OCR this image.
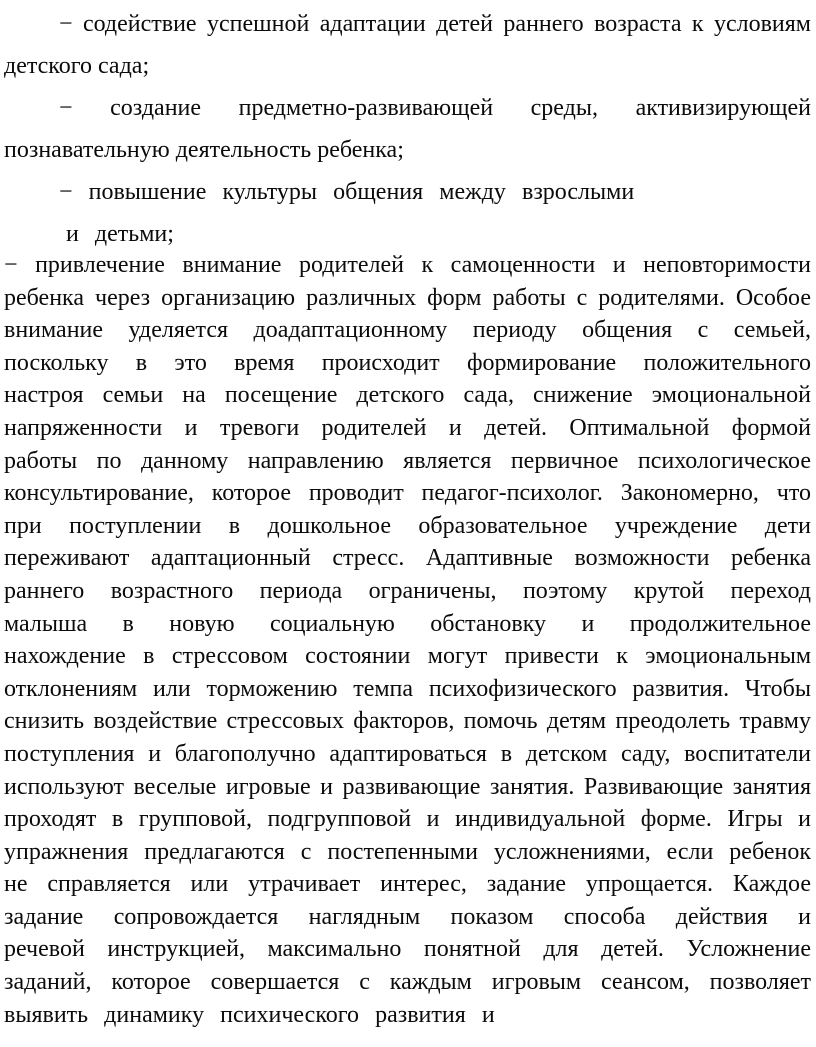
− содействие успешной адаптации детей раннего возраста к условиям
детского сада;
− создание предметно-развивающей среды, активизирующей
познавательную деятельность ребенка;
− повышение культуры общения между взрослыми
и детьми;
− привлечение внимание родителей к самоценности и неповторимости
ребенка через организацию различных форм работы с родителями. Особое
внимание уделяется доадаптационному периоду общения с семьей,
поскольку в это время происходит формирование положительного
настроя семьи на посещение детского сада, снижение эмоциональной
напряженности и тревоги родителей и детей. Оптимальной формой
работы по данному направлению является первичное психологическое
консультирование, которое проводит педагог-психолог. Закономерно, что
при поступлении в дошкольное образовательное учреждение дети
переживают адаптационный стресс. Адаптивные возможности ребенка
раннего возрастного периода ограничены, поэтому крутой переход
малыша в новую социальную обстановку и продолжительное
нахождение в стрессовом состоянии могут привести к эмоциональным
отклонениям или торможению темпа психофизического развития. Чтобы
снизить воздействие стрессовых факторов, помочь детям преодолеть травму
поступления и благополучно адаптироваться в детском саду, воспитатели
используют веселые игровые и развивающие занятия. Развивающие занятия
проходят в групповой, подгрупповой и индивидуальной форме. Игры и
упражнения предлагаются с постепенными усложнениями, если ребенок
не справляется или утрачивает интерес, задание упрощается. Каждое
задание сопровождается наглядным показом способа действия и
речевой инструкцией, максимально понятной для детей. Усложнение
заданий, которое совершается с каждым игровым сеансом, позволяет
выявить динамику психического развития и
